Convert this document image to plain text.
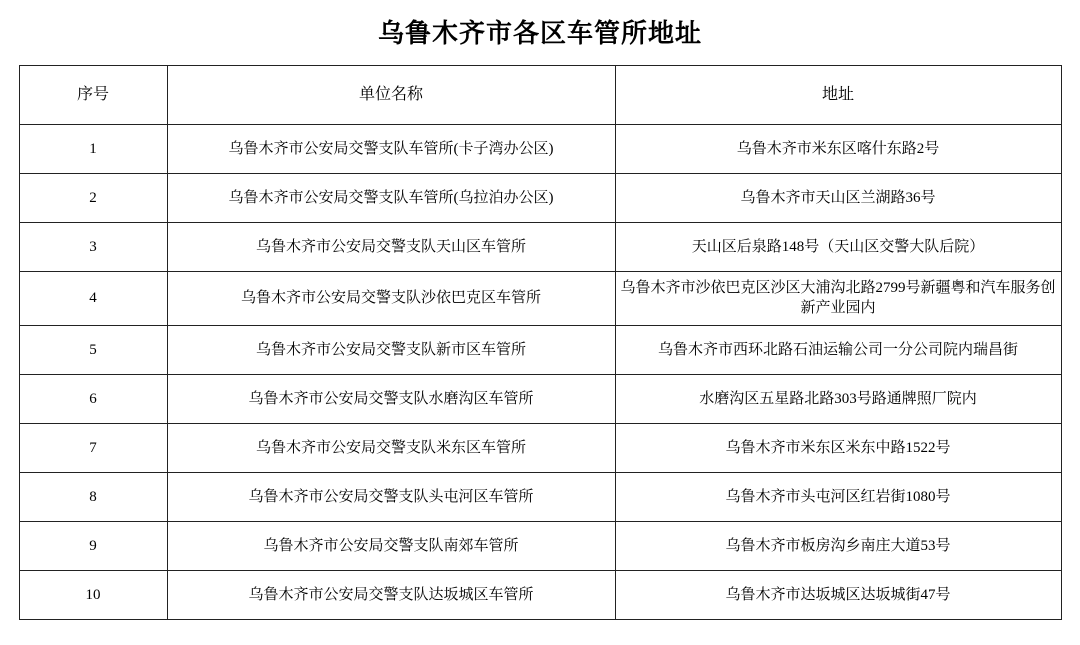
乌鲁木齐市各区车管所地址
序号	单位名称	地址
1	乌鲁木齐市公安局交警支队车管所(卡子湾办公区)	乌鲁木齐市米东区喀什东路2号
2	乌鲁木齐市公安局交警支队车管所(乌拉泊办公区)	乌鲁木齐市天山区兰湖路36号
3	乌鲁木齐市公安局交警支队天山区车管所	天山区后泉路148号（天山区交警大队后院）
4	乌鲁木齐市公安局交警支队沙依巴克区车管所	乌鲁木齐市沙依巴克区沙区大浦沟北路2799号新疆粤和汽车服务创新产业园内
5	乌鲁木齐市公安局交警支队新市区车管所	乌鲁木齐市西环北路石油运输公司一分公司院内瑞昌街
6	乌鲁木齐市公安局交警支队水磨沟区车管所	水磨沟区五星路北路303号路通牌照厂院内
7	乌鲁木齐市公安局交警支队米东区车管所	乌鲁木齐市米东区米东中路1522号
8	乌鲁木齐市公安局交警支队头屯河区车管所	乌鲁木齐市头屯河区红岩街1080号
9	乌鲁木齐市公安局交警支队南郊车管所	乌鲁木齐市板房沟乡南庄大道53号
10	乌鲁木齐市公安局交警支队达坂城区车管所	乌鲁木齐市达坂城区达坂城街47号
